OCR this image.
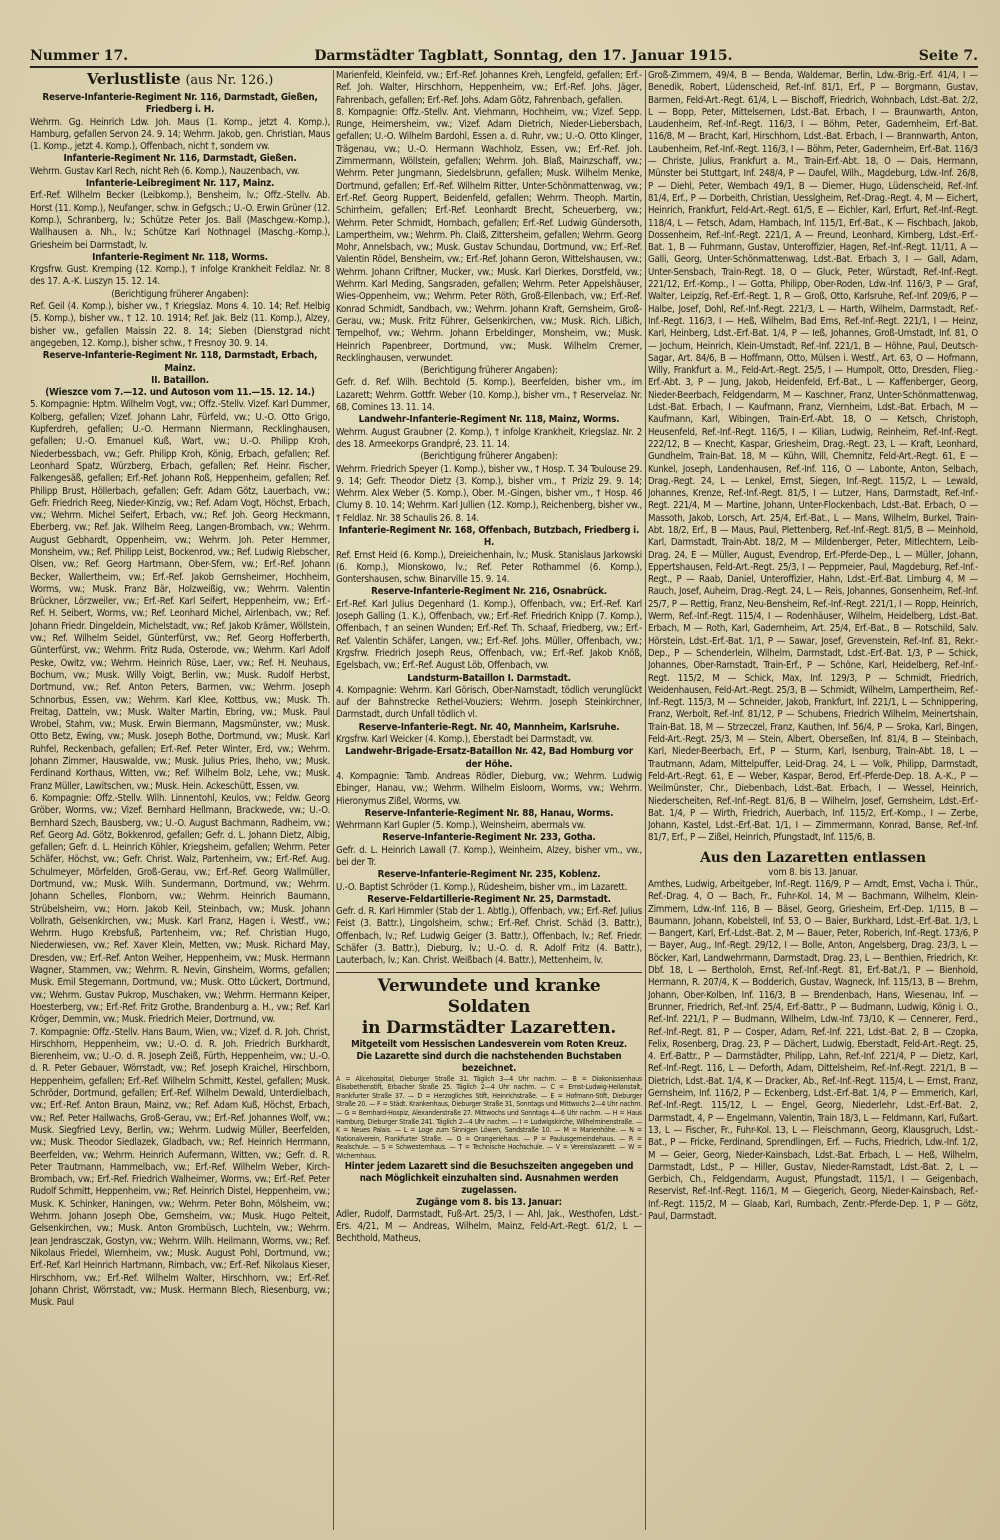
Nummer 17.	Darmstädter Tagblatt, Sonntag, den 17. Januar 1915.	Seite 7.
Verlustliste (aus Nr. 126.)

Reserve-Infanterie-Regiment Nr. 116, Darmstadt, Gießen, Friedberg i. H.

Wehrm. Gg. Heinrich Ldw. Joh. Maus (1. Komp., jetzt 4. Komp.), Hamburg, gefallen Servon 24. 9. 14; Wehrm. Jakob, gen. Christian, Maus (1. Komp., jetzt 4. Komp.), Offenbach, nicht †, sondern vw.

Infanterie-Regiment Nr. 116, Darmstadt, Gießen.

Wehrm. Gustav Karl Rech, nicht Reh (6. Komp.), Nauzenbach, vw.

Infanterie-Leibregiment Nr. 117, Mainz.

Erf.-Ref. Wilhelm Becker (Leibkomp.), Bensheim, lv.; Offz.-Stellv. Ab. Horst (11. Komp.), Neufanger, schw. in Gefgsch.; U.-O. Erwin Grüner (12. Komp.), Schranberg, lv.; Schütze Peter Jos. Ball (Maschgew.-Komp.), Wallhausen a. Nh., lv.; Schütze Karl Nothnagel (Maschg.-Komp.), Griesheim bei Darmstadt, lv.

Infanterie-Regiment Nr. 118, Worms.

Krgsfrw. Gust. Kremping (12. Komp.), † infolge Krankheit Feldlaz. Nr. 8 des 17. A.-K. Luszyn 15. 12. 14.

(Berichtigung früherer Angaben):

Ref. Geil (4. Komp.), bisher vw., † Kriegslaz. Mons 4. 10. 14; Ref. Helbig (5. Komp.), bisher vw., † 12. 10. 1914; Ref. Jak. Belz (11. Komp.), Alzey, bisher vw., gefallen Maissin 22. 8. 14; Sieben (Dienstgrad nicht angegeben, 12. Komp.), bisher schw., † Fresnoy 30. 9. 14.

Reserve-Infanterie-Regiment Nr. 118, Darmstadt, Erbach, Mainz.

II. Bataillon.

(Wieszce vom 7.—12. und Autoson vom 11.—15. 12. 14.)

5. Kompagnie: Hptm. Wilhelm Vogt, vw.; Offz.-Stellv. Vizef. Karl Dummer, Kolberg, gefallen; Vizef. Johann Lahr, Fürfeld, vw.; U.-O. Otto Grigo, Kupferdreh, gefallen; U.-O. Hermann Niermann, Recklinghausen, gefallen; U.-O. Emanuel Kuß, Wart, vw.; U.-O. Philipp Kroh, Niederbessbach, vw.; Gefr. Philipp Kroh, König, Erbach, gefallen; Ref. Leonhard Spatz, Würzberg, Erbach, gefallen; Ref. Heinr. Fischer, Falkengesäß, gefallen; Erf.-Ref. Johann Roß, Heppenheim, gefallen; Ref. Philipp Brust, Höllerbach, gefallen; Gefr. Adam Götz, Lauerbach, vw.; Gefr. Friedrich Reeg, Nieder-Kinzig, vw.; Ref. Adam Vogt, Höchst, Erbach, vw.; Wehrm. Michel Seifert, Erbach, vw.; Ref. Joh. Georg Heckmann, Eberberg, vw.; Ref. Jak. Wilhelm Reeg, Langen-Brombach, vw.; Wehrm. August Gebhardt, Oppenheim, vw.; Wehrm. Joh. Peter Hemmer, Monsheim, vw.; Ref. Philipp Leist, Bockenrod, vw.; Ref. Ludwig Riebscher, Olsen, vw.; Ref. Georg Hartmann, Ober-Sfern, vw.; Erf.-Ref. Johann Becker, Wallertheim, vw.; Erf.-Ref. Jakob Gernsheimer, Hochheim, Worms, vw.; Musk. Franz Bär, Holzweißig, vw.; Wehrm. Valentin Brückner, Lörzweiler, vw.; Erf.-Ref. Karl Seifert, Heppenheim, vw.; Erf.-Ref. H. Seibert, Worms, vw.; Ref. Leonhard Michel, Airlenbach, vw.; Ref. Johann Friedr. Dingeldein, Michelstadt, vw.; Ref. Jakob Krämer, Wöllstein, vw.; Ref. Wilhelm Seidel, Günterfürst, vw.; Ref. Georg Hofferberth, Günterfürst, vw.; Wehrm. Fritz Ruda, Osterode, vw.; Wehrm. Karl Adolf Peske, Owitz, vw.; Wehrm. Heinrich Rüse, Laer, vw.; Ref. H. Neuhaus, Bochum, vw.; Musk. Willy Voigt, Berlin, vw.; Musk. Rudolf Herbst, Dortmund, vw.; Ref. Anton Peters, Barmen, vw.; Wehrm. Joseph Schnorbus, Essen, vw.; Wehrm. Karl Klee, Kottbus, vw.; Musk. Th. Freitag, Datteln, vw.; Musk. Walter Martin, Ebring, vw.; Musk. Paul Wrobel, Stahm, vw.; Musk. Erwin Biermann, Magsmünster, vw.; Musk. Otto Betz, Ewing, vw.; Musk. Joseph Bothe, Dortmund, vw.; Musk. Karl Ruhfel, Reckenbach, gefallen; Erf.-Ref. Peter Winter, Erd, vw.; Wehrm. Johann Zimmer, Hauswalde, vw.; Musk. Julius Pries, Iheho, vw.; Musk. Ferdinand Korthaus, Witten, vw.; Ref. Wilhelm Bolz, Lehe, vw.; Musk. Franz Müller, Lawitschen, vw.; Musk. Hein. Ackeschütt, Essen, vw.

6. Kompagnie: Offz.-Stellv. Wilh. Linnentohl, Keulos, vw.; Feldw. Georg Gröber, Worms, vw.; Vizef. Bernhard Hellmann, Brackwede, vw.; U.-O. Bernhard Szech, Bausberg, vw.; U.-O. August Bachmann, Radheim, vw.; Ref. Georg Ad. Götz, Bokkenrod, gefallen; Gefr. d. L. Johann Dietz, Albig, gefallen; Gefr. d. L. Heinrich Köhler, Kriegsheim, gefallen; Wehrm. Peter Schäfer, Höchst, vw.; Gefr. Christ. Walz, Partenheim, vw.; Erf.-Ref. Aug. Schulmeyer, Mörfelden, Groß-Gerau, vw.; Erf.-Ref. Georg Wallmüller, Dortmund, vw.; Musk. Wilh. Sundermann, Dortmund, vw.; Wehrm. Johann Schelles, Flonborn, vw.; Wehrm. Heinrich Baumann, Strübelsheim, vw.; Horn. Jakob Keil, Steinbach, vw.; Musk. Johann Vollrath, Gelsenkirchen, vw.; Musk. Karl Franz, Hagen i. Westf., vw.; Wehrm. Hugo Krebsfuß, Partenheim, vw.; Ref. Christian Hugo, Niederwiesen, vw.; Ref. Xaver Klein, Metten, vw.; Musk. Richard May, Dresden, vw.; Erf.-Ref. Anton Weiher, Heppenheim, vw.; Musk. Hermann Wagner, Stammen, vw.; Wehrm. R. Nevin, Ginsheim, Worms, gefallen; Musk. Emil Stegemann, Dortmund, vw.; Musk. Otto Lückert, Dortmund, vw.; Wehrm. Gustav Pukrop, Muschaken, vw.; Wehrm. Hermann Keiper, Hoesterberg, vw.; Erf.-Ref. Fritz Grothe, Brandenburg a. H., vw.; Ref. Karl Kröger, Demmin, vw.; Musk. Friedrich Meier, Dortmund, vw.

7. Kompagnie: Offz.-Stellv. Hans Baum, Wien, vw.; Vizef. d. R. Joh. Christ, Hirschhorn, Heppenheim, vw.; U.-O. d. R. Joh. Friedrich Burkhardt, Bierenheim, vw.; U.-O. d. R. Joseph Zeiß, Fürth, Heppenheim, vw.; U.-O. d. R. Peter Gebauer, Wörrstadt, vw.; Ref. Joseph Kraichel, Hirschborn, Heppenheim, gefallen; Erf.-Ref. Wilhelm Schmitt, Kestel, gefallen; Musk. Schröder, Dortmund, gefallen; Erf.-Ref. Wilhelm Dewald, Unterdielbach, vw.; Erf.-Ref. Anton Braun, Mainz, vw.; Ref. Adam Kuß, Höchst, Erbach, vw.; Ref. Peter Hallwachs, Groß-Gerau, vw.; Erf.-Ref. Johannes Wolf, vw.; Musk. Siegfried Levy, Berlin, vw.; Wehrm. Ludwig Müller, Beerfelden, vw.; Musk. Theodor Siedlazek, Gladbach, vw.; Ref. Heinrich Herrmann, Beerfelden, vw.; Wehrm. Heinrich Aufermann, Witten, vw.; Gefr. d. R. Peter Trautmann, Hammelbach, vw.; Erf.-Ref. Wilhelm Weber, Kirch-Brombach, vw.; Erf.-Ref. Friedrich Walheimer, Worms, vw.; Erf.-Ref. Peter Rudolf Schmitt, Heppenheim, vw.; Ref. Heinrich Distel, Heppenheim, vw.; Musk. K. Schinker, Haningen, vw.; Wehrm. Peter Bohn, Mölsheim, vw.; Wehrm. Johann Joseph Obe, Gernsheim, vw.; Musk. Hugo Pelteit, Gelsenkirchen, vw.; Musk. Anton Grombüsch, Luchteln, vw.; Wehrm. Jean Jendrasczak, Gostyn, vw.; Wehrm. Wilh. Heilmann, Worms, vw.; Ref. Nikolaus Friedel, Wiernheim, vw.; Musk. August Pohl, Dortmund, vw.; Erf.-Ref. Karl Heinrich Hartmann, Rimbach, vw.; Erf.-Ref. Nikolaus Kieser, Hirschhorn, vw.; Erf.-Ref. Wilhelm Walter, Hirschhorn, vw.; Erf.-Ref. Johann Christ, Wörrstadt, vw.; Musk. Hermann Blech, Riesenburg, vw.; Musk. Paul

Marienfeld, Kleinfeld, vw.; Erf.-Ref. Johannes Kreh, Lengfeld, gefallen; Erf.-Ref. Joh. Walter, Hirschhorn, Heppenheim, vw.; Erf.-Ref. Johs. Jäger, Fahrenbach, gefallen; Erf.-Ref. Johs. Adam Götz, Fahrenbach, gefallen.

8. Kompagnie: Offz.-Stellv. Ant. Viehmann, Hochheim, vw.; Vizef. Sepp. Runge, Heimersheim, vw.; Vizef. Adam Dietrich, Nieder-Liebersbach, gefallen; U.-O. Wilhelm Bardohl, Essen a. d. Ruhr, vw.; U.-O. Otto Klinger, Trägenau, vw.; U.-O. Hermann Wachholz, Essen, vw.; Erf.-Ref. Joh. Zimmermann, Wöllstein, gefallen; Wehrm. Joh. Blaß, Mainzschaff, vw.; Wehrm. Peter Jungmann, Siedelsbrunn, gefallen; Musk. Wilhelm Menke, Dortmund, gefallen; Erf.-Ref. Wilhelm Ritter, Unter-Schönmattenwag, vw.; Erf.-Ref. Georg Ruppert, Beidenfeld, gefallen; Wehrm. Theoph. Martin, Schirrheim, gefallen; Erf.-Ref. Leonhardt Brecht, Scheuerberg, vw.; Wehrm. Peter Schmidt, Hornbach, gefallen; Erf.-Ref. Ludwig Gündersoth, Lampertheim, vw.; Wehrm. Ph. Claiß, Zittersheim, gefallen; Wehrm. Georg Mohr, Annelsbach, vw.; Musk. Gustav Schundau, Dortmund, vw.; Erf.-Ref. Valentin Rödel, Bensheim, vw.; Erf.-Ref. Johann Geron, Wittelshausen, vw.; Wehrm. Johann Criftner, Mucker, vw.; Musk. Karl Dierkes, Dorstfeld, vw.; Wehrm. Karl Meding, Sangsraden, gefallen; Wehrm. Peter Appelshäuser, Wies-Oppenheim, vw.; Wehrm. Peter Röth, Groß-Ellenbach, vw.; Erf.-Ref. Konrad Schmidt, Sandbach, vw.; Wehrm. Johann Kraft, Gernsheim, Groß-Gerau, vw.; Musk. Fritz Führer, Gelsenkirchen, vw.; Musk. Rich. Lißich, Tempelhof, vw.; Wehrm. Johann Erbeldinger, Monsheim, vw.; Musk. Heinrich Papenbreer, Dortmund, vw.; Musk. Wilhelm Cremer, Recklinghausen, verwundet.

(Berichtigung früherer Angaben):

Gefr. d. Ref. Wilh. Bechtold (5. Komp.), Beerfelden, bisher vm., im Lazarett; Wehrm. Gottfr. Weber (10. Komp.), bisher vm., † Reservelaz. Nr. 68, Comines 13. 11. 14.

Landwehr-Infanterie-Regiment Nr. 118, Mainz, Worms.

Wehrm. August Graubner (2. Komp.), † infolge Krankheit, Kriegslaz. Nr. 2 des 18. Armeekorps Grandpré, 23. 11. 14.

(Berichtigung früherer Angaben):

Wehrm. Friedrich Speyer (1. Komp.), bisher vw., † Hosp. T. 34 Toulouse 29. 9. 14; Gefr. Theodor Dietz (3. Komp.), bisher vm., † Priziz 29. 9. 14; Wehrm. Alex Weber (5. Komp.), Ober. M.-Gingen, bisher vm., † Hosp. 46 Clumy 8. 10. 14; Wehrm. Karl Jullien (12. Komp.), Reichenberg, bisher vw., † Feldlaz. Nr. 38 Schaulis 26. 8. 14.

Infanterie-Regiment Nr. 168, Offenbach, Butzbach, Friedberg i. H.

Ref. Ernst Heid (6. Komp.), Dreieichenhain, lv.; Musk. Stanislaus Jarkowski (6. Komp.), Mionskowo, lv.; Ref. Peter Rothammel (6. Komp.), Gontershausen, schw. Binarville 15. 9. 14.

Reserve-Infanterie-Regiment Nr. 216, Osnabrück.

Erf.-Ref. Karl Julius Degenhard (1. Komp.), Offenbach, vw.; Erf.-Ref. Karl Joseph Galling (1. K.), Offenbach, vw.; Erf.-Ref. Friedrich Knipp (7. Komp.), Offenbach, † an seinen Wunden; Erf.-Ref. Th. Schaaf, Friedberg, vw.; Erf.-Ref. Valentin Schäfer, Langen, vw.; Erf.-Ref. Johs. Müller, Offenbach, vw.; Krgsfrw. Friedrich Joseph Reus, Offenbach, vw.; Erf.-Ref. Jakob Knöß, Egelsbach, vw.; Erf.-Ref. August Löb, Offenbach, vw.

Landsturm-Bataillon I. Darmstadt.

4. Kompagnie: Wehrm. Karl Görisch, Ober-Namstadt, tödlich verunglückt auf der Bahnstrecke Rethel-Vouziers; Wehrm. Joseph Steinkirchner, Darmstadt, durch Unfall tödlich vl.

Reserve-Infanterie-Regt. Nr. 40, Mannheim, Karlsruhe.

Krgsfrw. Karl Weicker (4. Komp.), Eberstadt bei Darmstadt, vw.

Landwehr-Brigade-Ersatz-Bataillon Nr. 42, Bad Homburg vor der Höhe.

4. Kompagnie: Tamb. Andreas Rödler, Dieburg, vw.; Wehrm. Ludwig Ebinger, Hanau, vw.; Wehrm. Wilhelm Eisloorn, Worms, vw.; Wehrm. Hieronymus Zißel, Worms, vw.

Reserve-Infanterie-Regiment Nr. 88, Hanau, Worms.

Wehrmann Karl Gupler (5. Komp.), Weinsheim, abermals vw.

Reserve-Infanterie-Regiment Nr. 233, Gotha.

Gefr. d. L. Heinrich Lawall (7. Komp.), Weinheim, Alzey, bisher vm., vw., bei der Tr.

Reserve-Infanterie-Regiment Nr. 235, Koblenz.

U.-O. Baptist Schröder (1. Komp.), Rüdesheim, bisher vm., im Lazarett.

Reserve-Feldartillerie-Regiment Nr. 25, Darmstadt.

Gefr. d. R. Karl Himmler (Stab der 1. Abtlg.), Offenbach, vw.; Erf.-Ref. Julius Feist (3. Battr.), Lingolsheim, schw.; Erf.-Ref. Christ. Schäd (3. Battr.), Offenbach, lv.; Ref. Ludwig Geiger (3. Battr.), Offenbach, lv.; Ref. Friedr. Schäfer (3. Battr.), Dieburg, lv.; U.-O. d. R. Adolf Fritz (4. Battr.), Lauterbach, lv.; Kan. Christ. Weißbach (4. Battr.), Mettenheim, lv.

Verwundete und kranke Soldaten
in Darmstädter Lazaretten.

Mitgeteilt vom Hessischen Landesverein vom Roten Kreuz.

Die Lazarette sind durch die nachstehenden Buchstaben bezeichnet.

A = Alicehospital, Dieburger Straße 31. Täglich 3—4 Uhr nachm. — B = Diakonissenhaus Elisabethenstift, Erbacher Straße 25. Täglich 2—4 Uhr nachm. — C = Ernst-Ludwig-Heilanstalt, Frankfurter Straße 37. — D = Herzogliches Stift, Heinrichstraße. — E = Hofmann-Stift, Dieburger Straße 20. — F = Städt. Krankenhaus, Dieburger Straße 31, Sonntags und Mittwochs 2—4 Uhr nachm. — G = Bernhard-Hospiz, Alexanderstraße 27. Mittwochs und Sonntags 4—6 Uhr nachm. — H = Haus Hamburg, Dieburger Straße 241. Täglich 2—4 Uhr nachm. — I = Ludwigskirche, Wilhelminenstraße. — K = Neues Palais. — L = Loge zum Sinnigen Löwen, Sandstraße 10. — M = Marienhöhe. — N = Nationalverein, Frankfurter Straße. — O = Orangeriehaus. — P = Paulusgemeindehaus. — R = Realschule. — S = Schwesternhaus. — T = Technische Hochschule. — V = Vereinslazarett. — W = Wichernhaus.

Hinter jedem Lazarett sind die Besuchszeiten angegeben und nach Möglichkeit einzuhalten sind. Ausnahmen werden zugelassen.

Zugänge vom 8. bis 13. Januar:

Adler, Rudolf, Darmstadt, Fuß-Art. 25/3, I — Ahl, Jak., Westhofen, Ldst.-Ers. 4/21, M — Andreas, Wilhelm, Mainz, Feld-Art.-Regt. 61/2, L — Bechthold, Matheus,

Groß-Zimmern, 49/4, B — Benda, Waldemar, Berlin, Ldw.-Brig.-Erf. 41/4, I — Benedik, Robert, Lüdenscheid, Ref.-Inf. 81/1, Erf., P — Borgmann, Gustav, Barmen, Feld-Art.-Regt. 61/4, L — Bischoff, Friedrich, Wohnbach, Ldst.-Bat. 2/2, L — Bopp, Peter, Mittelsernen, Ldst.-Bat. Erbach, I — Braunwarth, Anton, Laudenheim, Ref.-Inf.-Regt. 116/3, I — Böhm, Peter, Gadernheim, Erf.-Bat. 116/8, M — Bracht, Karl, Hirschhorn, Ldst.-Bat. Erbach, I — Brannwarth, Anton, Laubenheim, Ref.-Inf.-Regt. 116/3, I — Böhm, Peter, Gadernheim, Erf.-Bat. 116/3 — Christe, Julius, Frankfurt a. M., Train-Erf.-Abt. 18, O — Dais, Hermann, Münster bei Stuttgart, Inf. 248/4, P — Daufel, Wilh., Magdeburg, Ldw.-Inf. 26/8, P — Diehl, Peter, Wembach 49/1, B — Diemer, Hugo, Lüdenscheid, Ref.-Inf. 81/4, Erf., P — Dorbeith, Christian, Uesslgheim, Ref.-Drag.-Regt. 4, M — Eichert, Heinrich, Frankfurt, Feld-Art.-Regt. 61/5, E — Eichler, Karl, Erfurt, Ref.-Inf.-Regt. 118/4, L — Fetsch, Adam, Hambach, Inf. 115/1, Erf.-Bat., K — Fischbach, Jakob, Dossenheim, Ref.-Inf.-Regt. 221/1, A — Freund, Leonhard, Kirnberg, Ldst.-Erf.-Bat. 1, B — Fuhrmann, Gustav, Unteroffizier, Hagen, Ref.-Inf.-Regt. 11/11, A — Galli, Georg, Unter-Schönmattenwag, Ldst.-Bat. Erbach 3, I — Gall, Adam, Unter-Sensbach, Train-Regt. 18, O — Gluck, Peter, Würstadt, Ref.-Inf.-Regt. 221/12, Erf.-Komp., I — Gotta, Philipp, Ober-Roden, Ldw.-Inf. 116/3, P — Graf, Walter, Leipzig, Ref.-Erf.-Regt. 1, R — Groß, Otto, Karlsruhe, Ref.-Inf. 209/6, P — Halbe, Josef, Dohl, Ref.-Inf.-Regt. 221/3, L — Harth, Wilhelm, Darmstadt, Ref.-Inf.-Regt. 116/3, I — Heß, Wilhelm, Bad Ems, Ref.-Inf.-Regt. 221/1, I — Heinz, Karl, Heinberg, Ldst.-Erf.-Bat. 1/4, P — Ieß, Johannes, Groß-Umstadt, Inf. 81, O — Jochum, Heinrich, Klein-Umstadt, Ref.-Inf. 221/1, B — Höhne, Paul, Deutsch-Sagar, Art. 84/6, B — Hoffmann, Otto, Mülsen i. Westf., Art. 63, O — Hofmann, Willy, Frankfurt a. M., Feld-Art.-Regt. 25/5, I — Humpolt, Otto, Dresden, Flieg.-Erf.-Abt. 3, P — Jung, Jakob, Heidenfeld, Erf.-Bat., L — Kaffenberger, Georg, Nieder-Beerbach, Feldgendarm, M — Kaschner, Franz, Unter-Schönmattenwag, Ldst.-Bat. Erbach, I — Kaufmann, Franz, Viernheim, Ldst.-Bat. Erbach, M — Kaufmann, Karl, Wibingen, Train-Erf.-Abt. 18, O — Ketsch, Christoph, Heusenfeld, Ref.-Inf.-Regt. 116/5, I — Kilian, Ludwig, Reinheim, Ref.-Inf.-Regt. 222/12, B — Knecht, Kaspar, Griesheim, Drag.-Regt. 23, L — Kraft, Leonhard, Gundhelm, Train-Bat. 18, M — Kühn, Will, Chemnitz, Feld-Art.-Regt. 61, E — Kunkel, Joseph, Landenhausen, Ref.-Inf. 116, O — Labonte, Anton, Selbach, Drag.-Regt. 24, L — Lenkel, Ernst, Siegen, Inf.-Regt. 115/2, L — Lewald, Johannes, Krenze, Ref.-Inf.-Regt. 81/5, I — Lutzer, Hans, Darmstadt, Ref.-Inf.-Regt. 221/4, M — Martine, Johann, Unter-Flockenbach, Ldst.-Bat. Erbach, O — Massoth, Jakob, Lorsch, Art. 25/4, Erf.-Bat., L — Mans, Wilhelm, Burkel, Train-Abt. 18/2, Erf., B — Maus, Paul, Plettenberg, Ref.-Inf.-Regt. 81/5, B — Meinhold, Karl, Darmstadt, Train-Abt. 18/2, M — Mildenberger, Peter, Mitlechtern, Leib-Drag. 24, E — Müller, August, Evendrop, Erf.-Pferde-Dep., L — Müller, Johann, Eppertshausen, Feld-Art.-Regt. 25/3, I — Peppmeier, Paul, Magdeburg, Ref.-Inf.-Regt., P — Raab, Daniel, Unteroffizier, Hahn, Ldst.-Erf.-Bat. Limburg 4, M — Rauch, Josef, Auheim, Drag.-Regt. 24, L — Reis, Johannes, Gonsenheim, Ref.-Inf. 25/7, P — Rettig, Franz, Neu-Bensheim, Ref.-Inf.-Regt. 221/1, I — Ropp, Heinrich, Werm, Ref.-Inf.-Regt. 115/4, I — Rodenhäuser, Wilhelm, Heidelberg, Ldst.-Bat. Erbach, M — Roth, Karl, Gadernheim, Art. 25/4, Erf.-Bat., B — Rotschild, Salv. Hörstein, Ldst.-Erf.-Bat. 1/1, P — Sawar, Josef, Grevenstein, Ref.-Inf. 81, Rekr.-Dep., P — Schenderlein, Wilhelm, Darmstadt, Ldst.-Erf.-Bat. 1/3, P — Schick, Johannes, Ober-Ramstadt, Train-Erf., P — Schöne, Karl, Heidelberg, Ref.-Inf.-Regt. 115/2, M — Schick, Max, Inf. 129/3, P — Schmidt, Friedrich, Weidenhausen, Feld-Art.-Regt. 25/3, B — Schmidt, Wilhelm, Lampertheim, Ref.-Inf.-Regt. 115/3, M — Schneider, Jakob, Frankfurt, Inf. 221/1, L — Schnippering, Franz, Werbolt, Ref.-Inf. 81/12, P — Schubens, Friedrich Wilhelm, Meinertshain, Train-Bat. 18, M — Strzeczel, Franz, Kauthen, Inf. 56/4, P — Sroka, Karl, Bingen, Feld-Art.-Regt. 25/3, M — Stein, Albert, Oberseßen, Inf. 81/4, B — Steinbach, Karl, Nieder-Beerbach, Erf., P — Sturm, Karl, Isenburg, Train-Abt. 18, L — Trautmann, Adam, Mittelpuffer, Leid-Drag. 24, L — Volk, Philipp, Darmstadt, Feld-Art.-Regt. 61, E — Weber, Kaspar, Berod, Erf.-Pferde-Dep. 18. A.-K., P — Weilmünster, Chr., Diebenbach, Ldst.-Bat. Erbach, I — Wessel, Heinrich, Niederscheiten, Ref.-Inf.-Regt. 81/6, B — Wilhelm, Josef, Gernsheim, Ldst.-Erf.-Bat. 1/4, P — Wirth, Friedrich, Auerbach, Inf. 115/2, Erf.-Komp., I — Zerbe, Johann, Kastel, Ldst.-Erf.-Bat. 1/1, I — Zimmermann, Konrad, Banse, Ref.-Inf. 81/7, Erf., P — Zißel, Heinrich, Pfungstadt, Inf. 115/6, B.

Aus den Lazaretten entlassen

vom 8. bis 13. Januar.

Amthes, Ludwig, Arbeitgeber, Inf.-Regt. 116/9, P — Arndt, Ernst, Vacha i. Thür., Ref.-Drag. 4, O — Bach, Fr., Fuhr-Kol. 14, M — Bachmann, Wilhelm, Klein-Zimmern, Ldw.-Inf. 116, B — Bäsel, Georg, Griesheim, Erf.-Dep. 1/115, B — Baumann, Johann, Kobelstell, Inf. 53, O — Baier, Burkhard, Ldst.-Erf.-Bat. 1/3, L — Bangert, Karl, Erf.-Ldst.-Bat. 2, M — Bauer, Peter, Roberich, Inf.-Regt. 173/6, P — Bayer, Aug., Inf.-Regt. 29/12, I — Bolle, Anton, Angelsberg, Drag. 23/3, L — Böcker, Karl, Landwehrmann, Darmstadt, Drag. 23, L — Benthien, Friedrich, Kr. Dbf. 18, L — Bertholoh, Ernst, Ref.-Inf.-Regt. 81, Erf.-Bat./1, P — Bienhold, Hermann, R. 207/4, K — Bodderich, Gustav, Wagneck, Inf. 115/13, B — Brehm, Johann, Ober-Kolben, Inf. 116/3, B — Brendenbach, Hans, Wiesenau, Inf. — Brunner, Friedrich, Ref.-Inf. 25/4, Erf.-Battr., P — Budmann, Ludwig, König i. O., Ref.-Inf. 221/1, P — Budmann, Wilhelm, Ldw.-Inf. 73/10, K — Cennerer, Ferd., Ref.-Inf.-Regt. 81, P — Cosper, Adam, Ref.-Inf. 221, Ldst.-Bat. 2, B — Czopka, Felix, Rosenberg, Drag. 23, P — Dächert, Ludwig, Eberstadt, Feld-Art.-Regt. 25, 4. Erf.-Battr., P — Darmstädter, Philipp, Lahn, Ref.-Inf. 221/4, P — Dietz, Karl, Ref.-Inf.-Regt. 116, L — Deforth, Adam, Dittelsheim, Ref.-Inf.-Regt. 221/1, B — Dietrich, Ldst.-Bat. 1/4, K — Dracker, Ab., Ref.-Inf.-Regt. 115/4, L — Ernst, Franz, Gernsheim, Inf. 116/2, P — Eckenberg, Ldst.-Erf.-Bat. 1/4, P — Emmerich, Karl, Ref.-Inf.-Regt. 115/12, L — Engel, Georg, Niederlehr, Ldst.-Erf.-Bat. 2, Darmstadt, 4, P — Engelmann, Valentin, Train 18/3, L — Feldmann, Karl, Fußart. 13, L — Fischer, Fr., Fuhr-Kol. 13, L — Fleischmann, Georg, Klausgruch, Ldst.-Bat., P — Fricke, Ferdinand, Sprendlingen, Erf. — Fuchs, Friedrich, Ldw.-Inf. 1/2, M — Geier, Georg, Nieder-Kainsbach, Ldst.-Bat. Erbach, L — Heß, Wilhelm, Darmstadt, Ldst., P — Hiller, Gustav, Nieder-Ramstadt, Ldst.-Bat. 2, L — Gerbich, Ch., Feldgendarm, August, Pfungstadt, 115/1, I — Geigenbach, Reservist, Ref.-Inf.-Regt. 116/1, M — Giegerich, Georg, Nieder-Kainsbach, Ref.-Inf.-Regt. 115/2, M — Glaab, Karl, Rumbach, Zentr.-Pferde-Dep. 1, P — Götz, Paul, Darmstadt.
